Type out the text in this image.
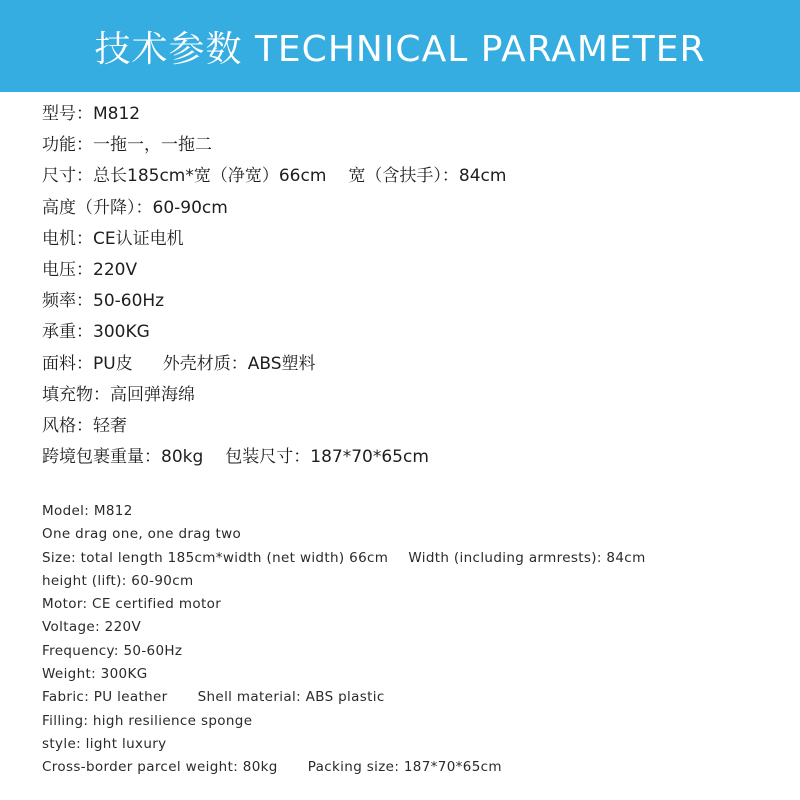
技术参数 TECHNICAL PARAMETER
型号：M812
功能：一拖一，一拖二
尺寸：总长185cm*宽（净宽）66cm 宽（含扶手）：84cm
高度（升降）：60-90cm
电机：CE认证电机
电压：220V
频率：50-60Hz
承重：300KG
面料：PU皮 外壳材质：ABS塑料
填充物：高回弹海绵
风格：轻奢
跨境包裹重量：80kg 包装尺寸：187*70*65cm
Model: M812
One drag one, one drag two
Size: total length 185cm*width (net width) 66cm Width (including armrests): 84cm
height (lift): 60-90cm
Motor: CE certified motor
Voltage: 220V
Frequency: 50-60Hz
Weight: 300KG
Fabric: PU leather Shell material: ABS plastic
Filling: high resilience sponge
style: light luxury
Cross-border parcel weight: 80kg Packing size: 187*70*65cm
